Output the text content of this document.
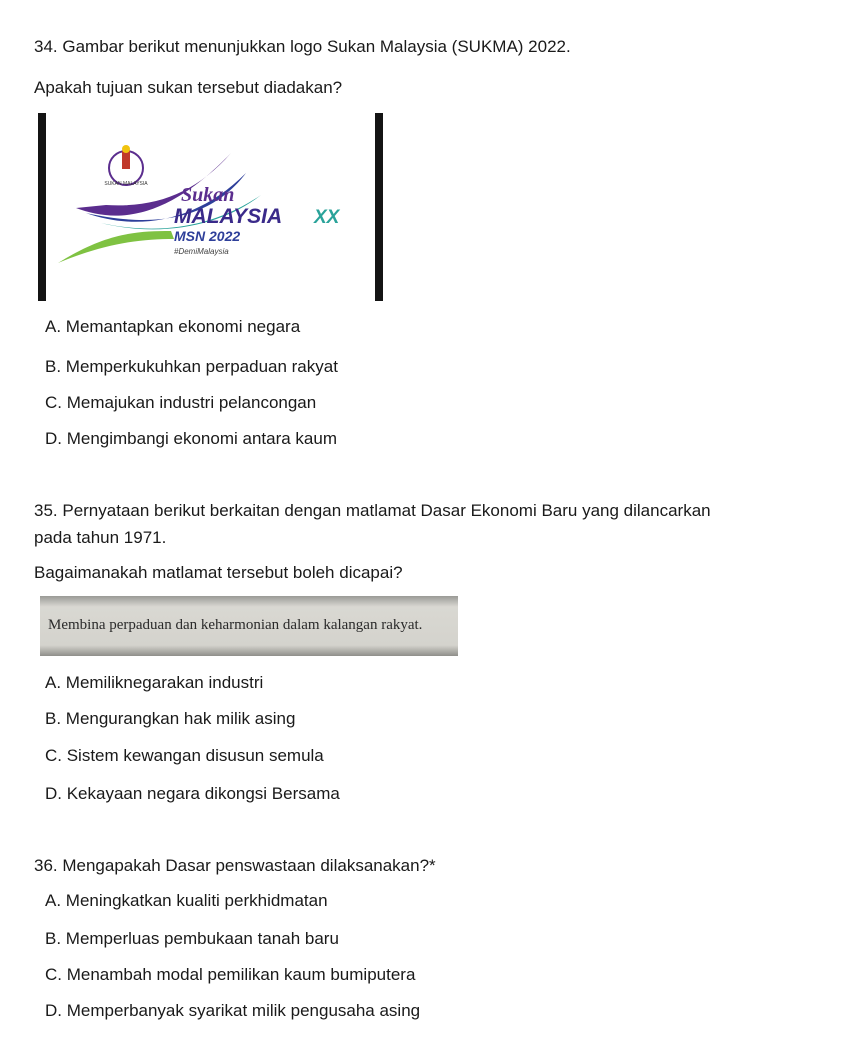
34. Gambar berikut menunjukkan logo Sukan Malaysia (SUKMA) 2022.
Apakah tujuan sukan tersebut diadakan?
SUKAN MALAYSIA Sukan
MALAYSIA XX
MSN 2022
#DemiMalaysia
A. Memantapkan ekonomi negara
B. Memperkukuhkan perpaduan rakyat
C. Memajukan industri pelancongan
D. Mengimbangi ekonomi antara kaum
35. Pernyataan berikut berkaitan dengan matlamat Dasar Ekonomi Baru yang dilancarkan
pada tahun 1971.
Bagaimanakah matlamat tersebut boleh dicapai?
Membina perpaduan dan keharmonian dalam kalangan rakyat.
A. Memiliknegarakan industri
B. Mengurangkan hak milik asing
C. Sistem kewangan disusun semula
D. Kekayaan negara dikongsi Bersama
36. Mengapakah Dasar penswastaan dilaksanakan?*
A. Meningkatkan kualiti perkhidmatan
B. Memperluas pembukaan tanah baru
C. Menambah modal pemilikan kaum bumiputera
D. Memperbanyak syarikat milik pengusaha asing
